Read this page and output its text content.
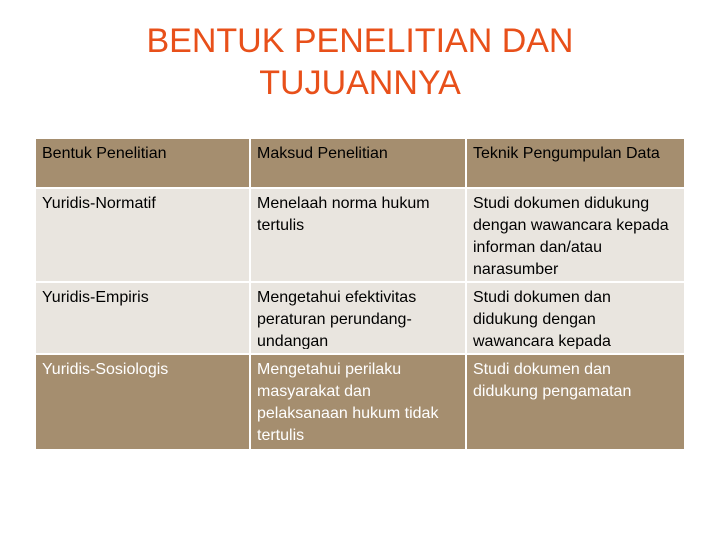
BENTUK PENELITIAN DAN
TUJUANNYA
Bentuk Penelitian	Maksud Penelitian	Teknik Pengumpulan Data
Yuridis-Normatif	Menelaah norma hukum tertulis	Studi dokumen didukung dengan wawancara kepada informan dan/atau narasumber

Yuridis-Empiris	Mengetahui efektivitas peraturan perundang-undangan	Studi dokumen dan didukung dengan wawancara kepada

Yuridis-Sosiologis	Mengetahui perilaku masyarakat dan pelaksanaan hukum tidak tertulis	Studi dokumen dan didukung pengamatan
